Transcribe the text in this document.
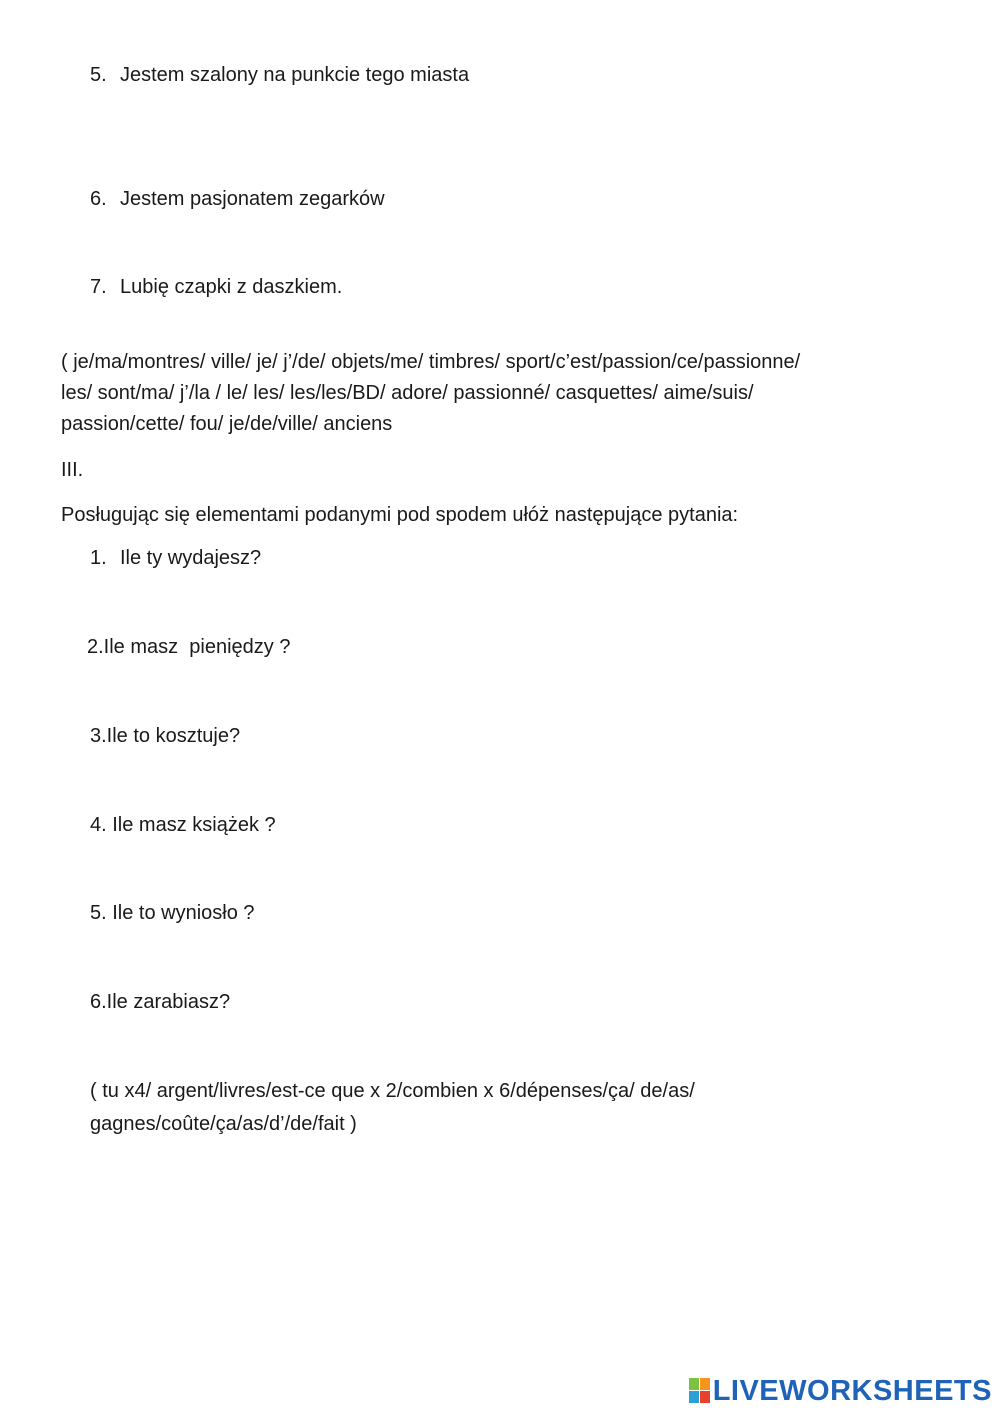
5. Jestem szalony na punkcie tego miasta
6. Jestem pasjonatem zegarków
7. Lubię czapki z daszkiem.
( je/ma/montres/ ville/ je/ j’/de/ objets/me/ timbres/ sport/c’est/passion/ce/passionne/
les/ sont/ma/ j’/la / le/ les/ les/les/BD/ adore/ passionné/ casquettes/ aime/suis/
passion/cette/ fou/ je/de/ville/ anciens
III.
Posługując się elementami podanymi pod spodem ułóż następujące pytania:
1. Ile ty wydajesz?
2.Ile masz  pieniędzy ?
3.Ile to kosztuje?
4. Ile masz książek ?
5. Ile to wyniosło ?
6.Ile zarabiasz?
( tu x4/ argent/livres/est-ce que x 2/combien x 6/dépenses/ça/ de/as/
gagnes/coûte/ça/as/d’/de/fait )
LIVEWORKSHEETS
